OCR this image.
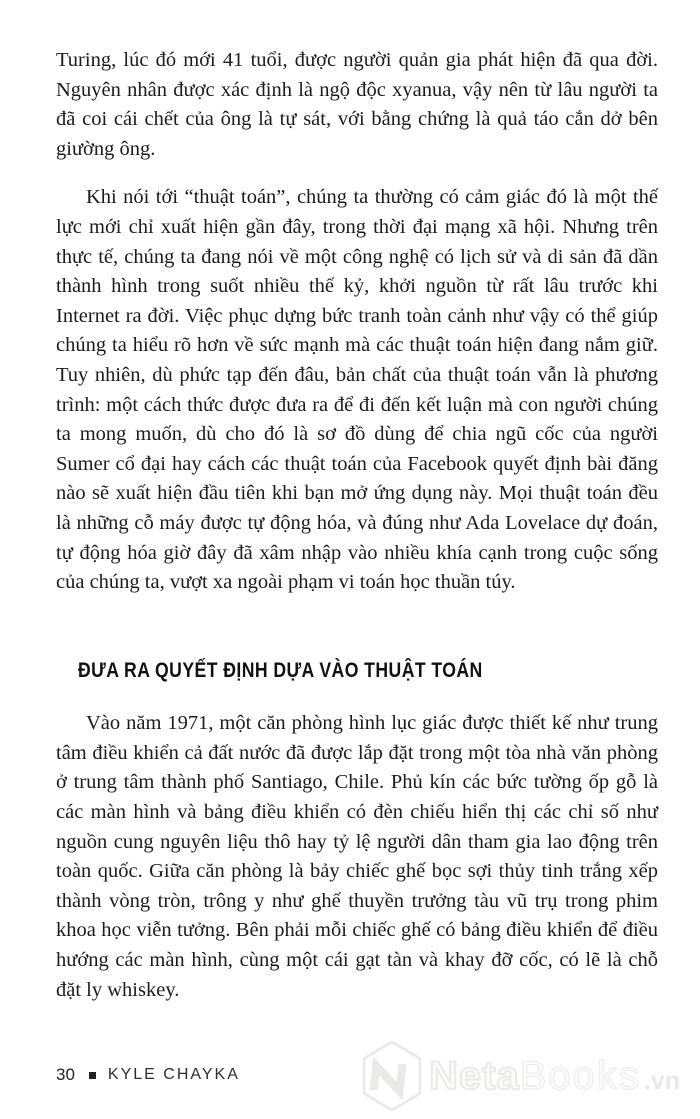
Turing, lúc đó mới 41 tuổi, được người quản gia phát hiện đã qua đời. Nguyên nhân được xác định là ngộ độc xyanua, vậy nên từ lâu người ta đã coi cái chết của ông là tự sát, với bằng chứng là quả táo cắn dở bên giường ông.

Khi nói tới “thuật toán”, chúng ta thường có cảm giác đó là một thế lực mới chỉ xuất hiện gần đây, trong thời đại mạng xã hội. Nhưng trên thực tế, chúng ta đang nói về một công nghệ có lịch sử và di sản đã dần thành hình trong suốt nhiều thế kỷ, khởi nguồn từ rất lâu trước khi Internet ra đời. Việc phục dựng bức tranh toàn cảnh như vậy có thể giúp chúng ta hiểu rõ hơn về sức mạnh mà các thuật toán hiện đang nắm giữ. Tuy nhiên, dù phức tạp đến đâu, bản chất của thuật toán vẫn là phương trình: một cách thức được đưa ra để đi đến kết luận mà con người chúng ta mong muốn, dù cho đó là sơ đồ dùng để chia ngũ cốc của người Sumer cổ đại hay cách các thuật toán của Facebook quyết định bài đăng nào sẽ xuất hiện đầu tiên khi bạn mở ứng dụng này. Mọi thuật toán đều là những cỗ máy được tự động hóa, và đúng như Ada Lovelace dự đoán, tự động hóa giờ đây đã xâm nhập vào nhiều khía cạnh trong cuộc sống của chúng ta, vượt xa ngoài phạm vi toán học thuần túy.

ĐƯA RA QUYẾT ĐỊNH DỰA VÀO THUẬT TOÁN

Vào năm 1971, một căn phòng hình lục giác được thiết kế như trung tâm điều khiển cả đất nước đã được lắp đặt trong một tòa nhà văn phòng ở trung tâm thành phố Santiago, Chile. Phủ kín các bức tường ốp gỗ là các màn hình và bảng điều khiển có đèn chiếu hiển thị các chỉ số như nguồn cung nguyên liệu thô hay tỷ lệ người dân tham gia lao động trên toàn quốc. Giữa căn phòng là bảy chiếc ghế bọc sợi thủy tinh trắng xếp thành vòng tròn, trông y như ghế thuyền trưởng tàu vũ trụ trong phim khoa học viễn tưởng. Bên phải mỗi chiếc ghế có bảng điều khiển để điều hướng các màn hình, cùng một cái gạt tàn và khay đỡ cốc, có lẽ là chỗ đặt ly whiskey.

30 KYLE CHAYKA	NetaBooks .vn
